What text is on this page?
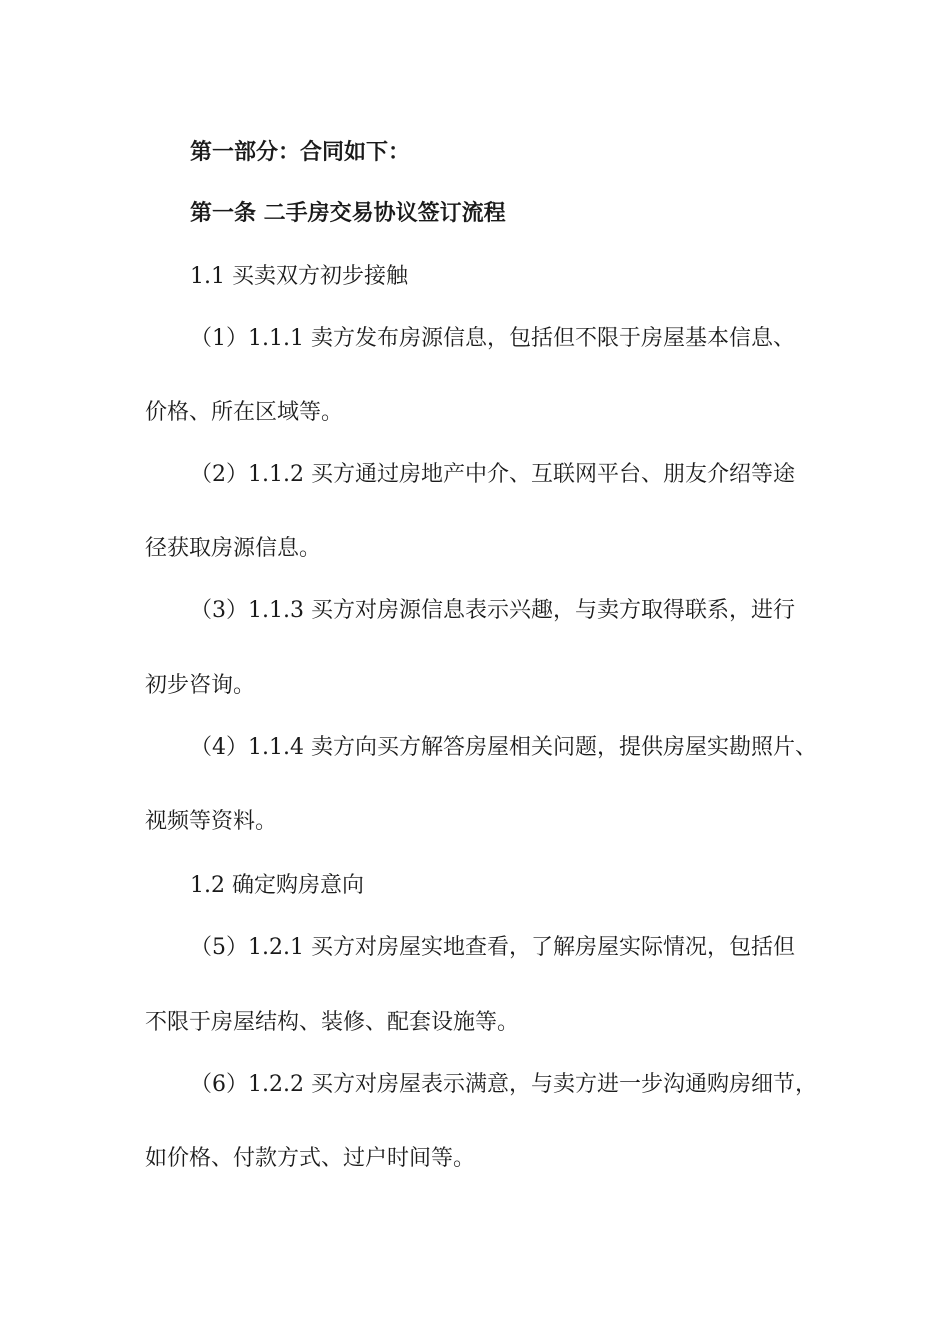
第一部分：合同如下：
第一条 二手房交易协议签订流程
1.1 买卖双方初步接触
（1）1.1.1 卖方发布房源信息，包括但不限于房屋基本信息、
价格、所在区域等。
（2）1.1.2 买方通过房地产中介、互联网平台、朋友介绍等途
径获取房源信息。
（3）1.1.3 买方对房源信息表示兴趣，与卖方取得联系，进行
初步咨询。
（4）1.1.4 卖方向买方解答房屋相关问题，提供房屋实勘照片、
视频等资料。
1.2 确定购房意向
（5）1.2.1 买方对房屋实地查看，了解房屋实际情况，包括但
不限于房屋结构、装修、配套设施等。
（6）1.2.2 买方对房屋表示满意，与卖方进一步沟通购房细节，
如价格、付款方式、过户时间等。
